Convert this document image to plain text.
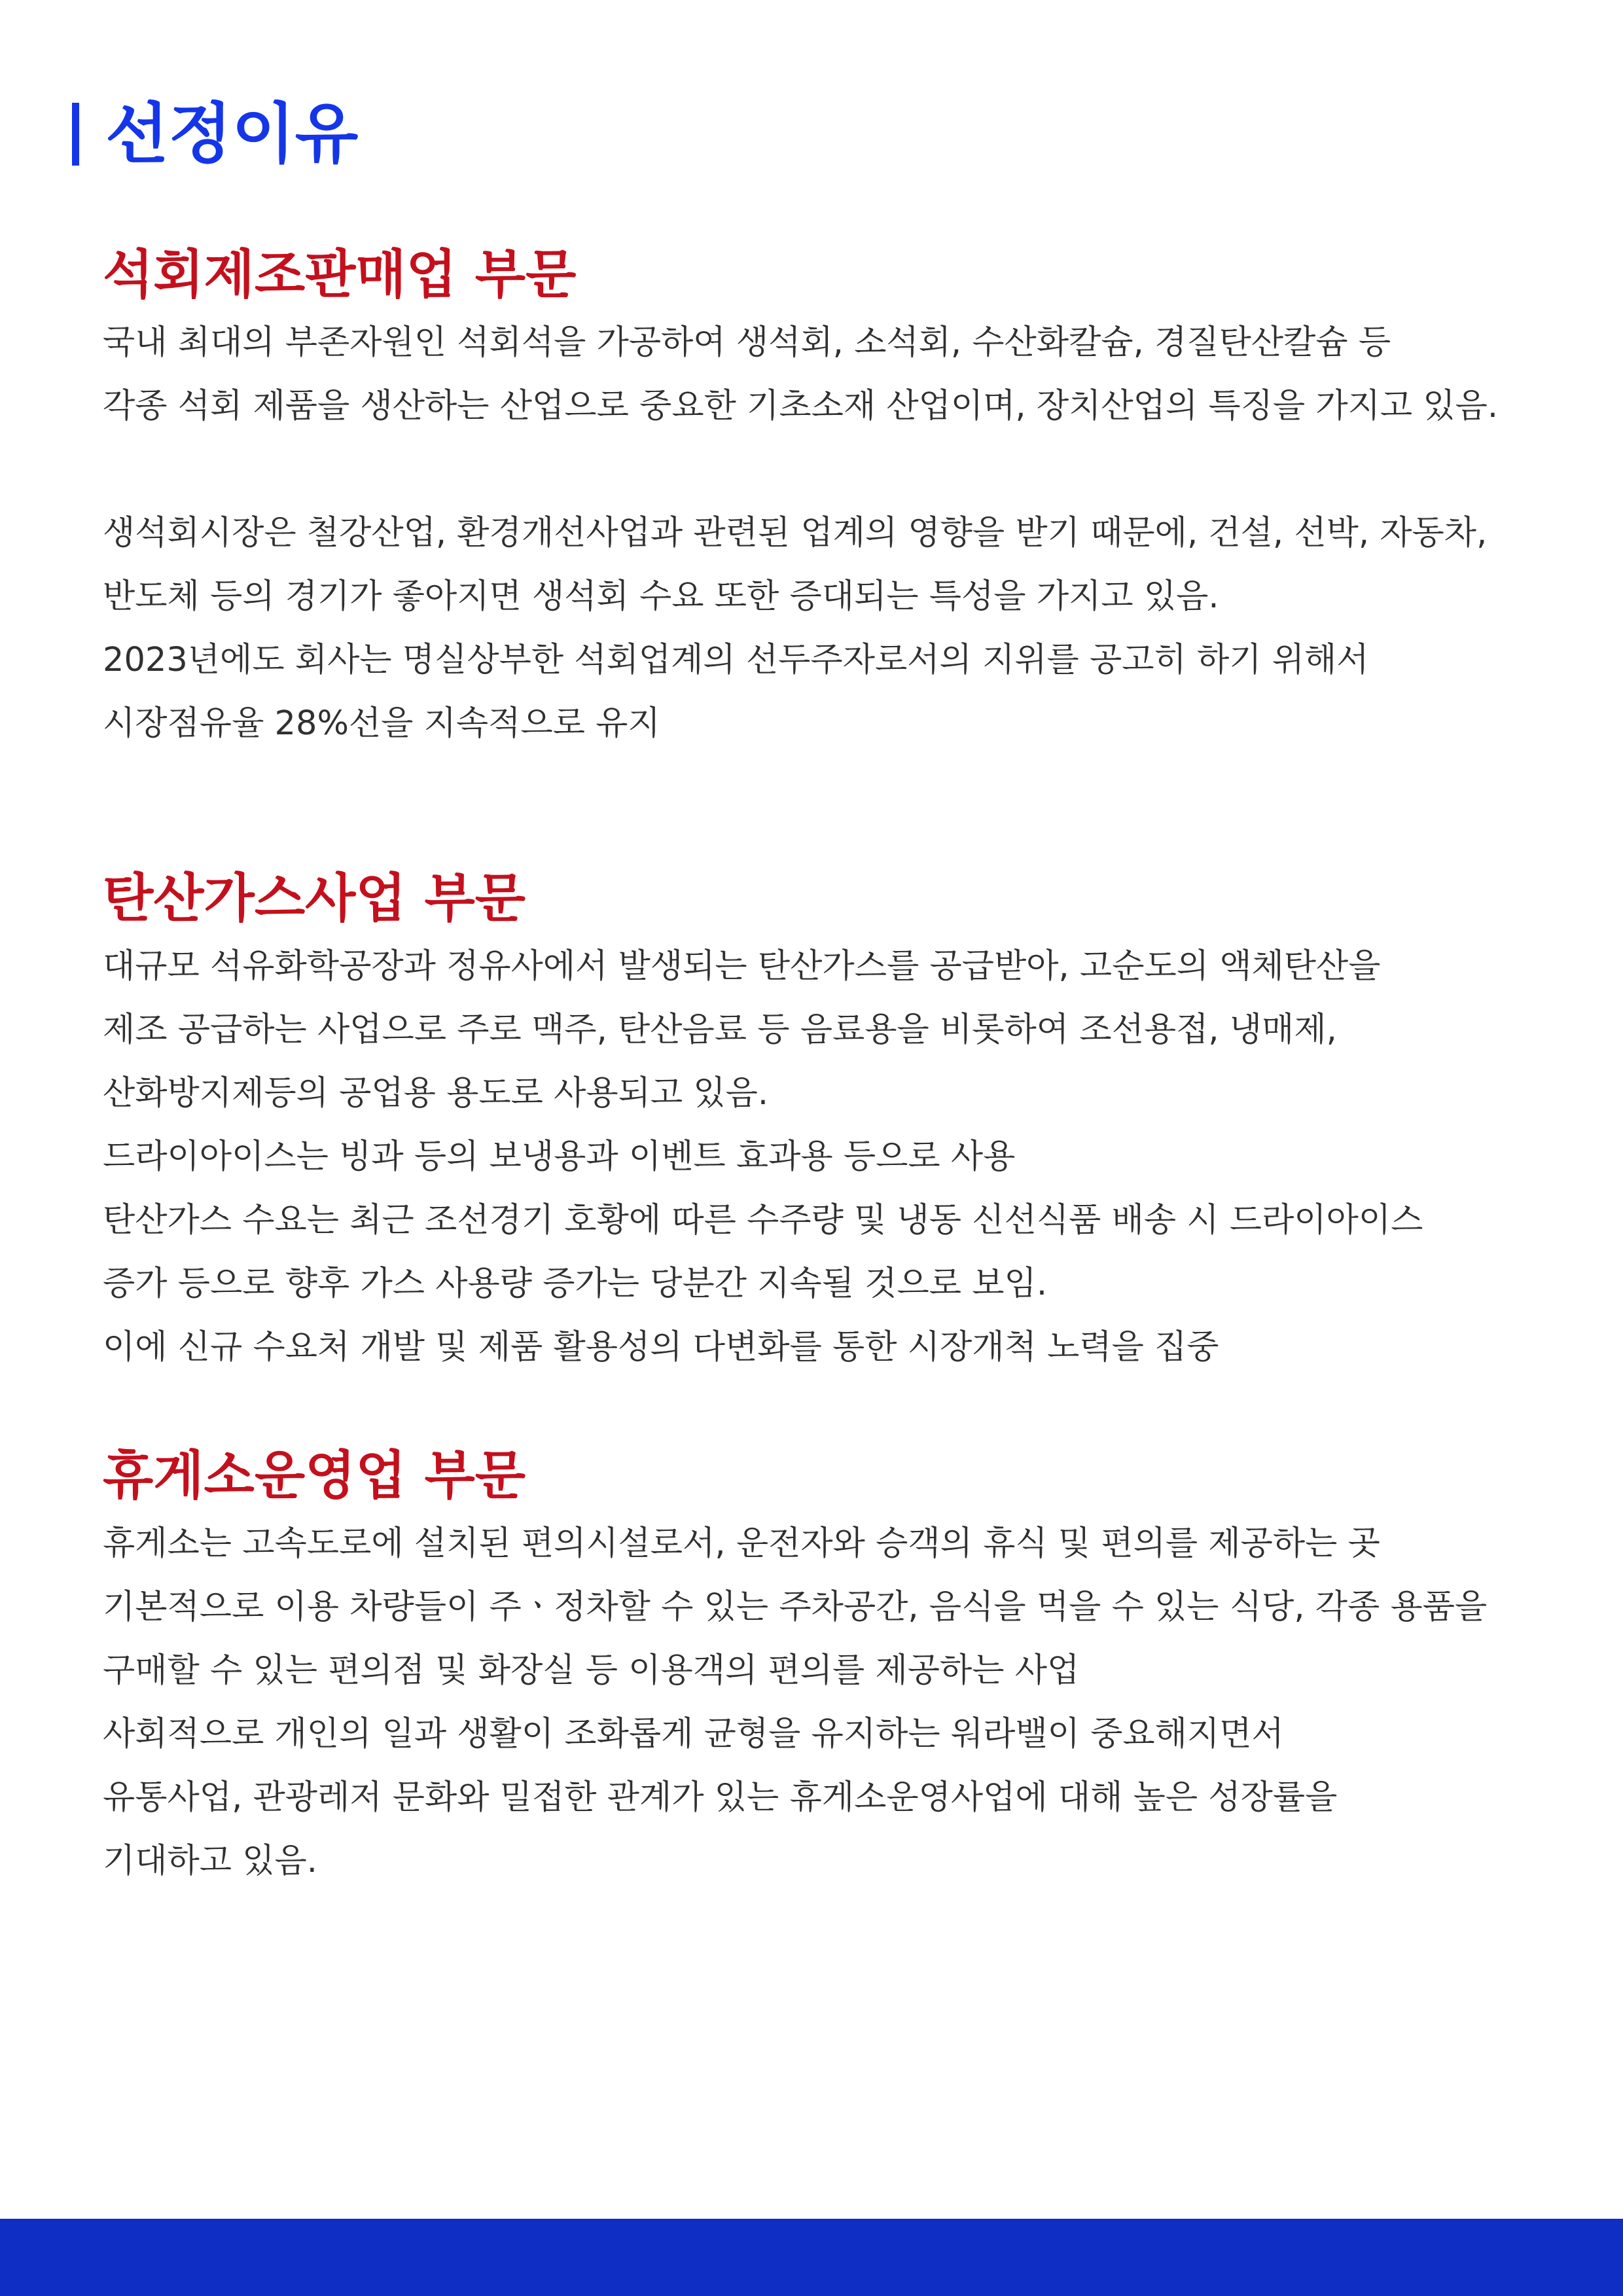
선정이유
석회제조판매업 부문
국내 최대의 부존자원인 석회석을 가공하여 생석회, 소석회, 수산화칼슘, 경질탄산칼슘 등
각종 석회 제품을 생산하는 산업으로 중요한 기초소재 산업이며, 장치산업의 특징을 가지고 있음.
생석회시장은 철강산업, 환경개선사업과 관련된 업계의 영향을 받기 때문에, 건설, 선박, 자동차,
반도체 등의 경기가 좋아지면 생석회 수요 또한 증대되는 특성을 가지고 있음.
2023년에도 회사는 명실상부한 석회업계의 선두주자로서의 지위를 공고히 하기 위해서
시장점유율 28%선을 지속적으로 유지
탄산가스사업 부문
대규모 석유화학공장과 정유사에서 발생되는 탄산가스를 공급받아, 고순도의 액체탄산을
제조 공급하는 사업으로 주로 맥주, 탄산음료 등 음료용을 비롯하여 조선용접, 냉매제,
산화방지제등의 공업용 용도로 사용되고 있음.
드라이아이스는 빙과 등의 보냉용과 이벤트 효과용 등으로 사용
탄산가스 수요는 최근 조선경기 호황에 따른 수주량 및 냉동 신선식품 배송 시 드라이아이스
증가 등으로 향후 가스 사용량 증가는 당분간 지속될 것으로 보임.
이에 신규 수요처 개발 및 제품 활용성의 다변화를 통한 시장개척 노력을 집중
휴게소운영업 부문
휴게소는 고속도로에 설치된 편의시설로서, 운전자와 승객의 휴식 및 편의를 제공하는 곳
기본적으로 이용 차량들이 주ㆍ정차할 수 있는 주차공간, 음식을 먹을 수 있는 식당, 각종 용품을
구매할 수 있는 편의점 및 화장실 등 이용객의 편의를 제공하는 사업
사회적으로 개인의 일과 생활이 조화롭게 균형을 유지하는 워라밸이 중요해지면서
유통사업, 관광레저 문화와 밀접한 관계가 있는 휴게소운영사업에 대해 높은 성장률을
기대하고 있음.
